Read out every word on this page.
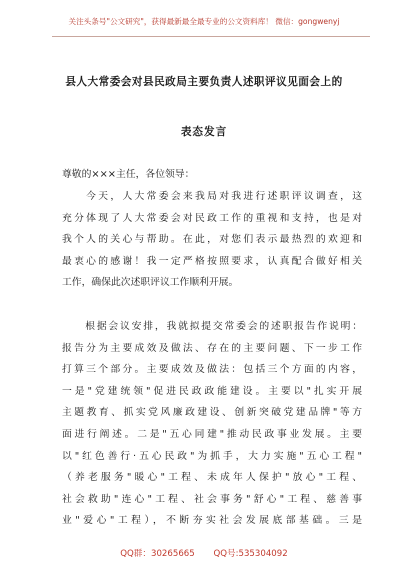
关注头条号"公文研究"，获得最新最全最专业的公文资料库！ 微信：gongwenyj
县人大常委会对县民政局主要负责人述职评议见面会上的
表态发言
尊敬的×××主任，各位领导：
　　今天，人大常委会来我局对我进行述职评议调查，这
充分体现了人大常委会对民政工作的重视和支持，也是对
我个人的关心与帮助。在此，对您们表示最热烈的欢迎和
最衷心的感谢！我一定严格按照要求，认真配合做好相关
工作，确保此次述职评议工作顺利开展。
　　根据会议安排，我就拟提交常委会的述职报告作说明：
报告分为主要成效及做法、存在的主要问题、下一步工作
打算三个部分。主要成效及做法：包括三个方面的内容，
一是"党建统领"促进民政政能建设。主要以"扎实开展
主题教育、抓实党风廉政建设、创新突破党建品牌"等方
面进行阐述。二是"五心同建"推动民政事业发展。主要
以"红色善行·五心民政"为抓手，大力实施"五心工程"
（养老服务"暖心"工程、未成年人保护"放心"工程、
社会救助"连心"工程、社会事务"舒心"工程、慈善事
业"爱心"工程），不断夯实社会发展底部基础。三是
QQ群：30265665 QQ号:535304092
